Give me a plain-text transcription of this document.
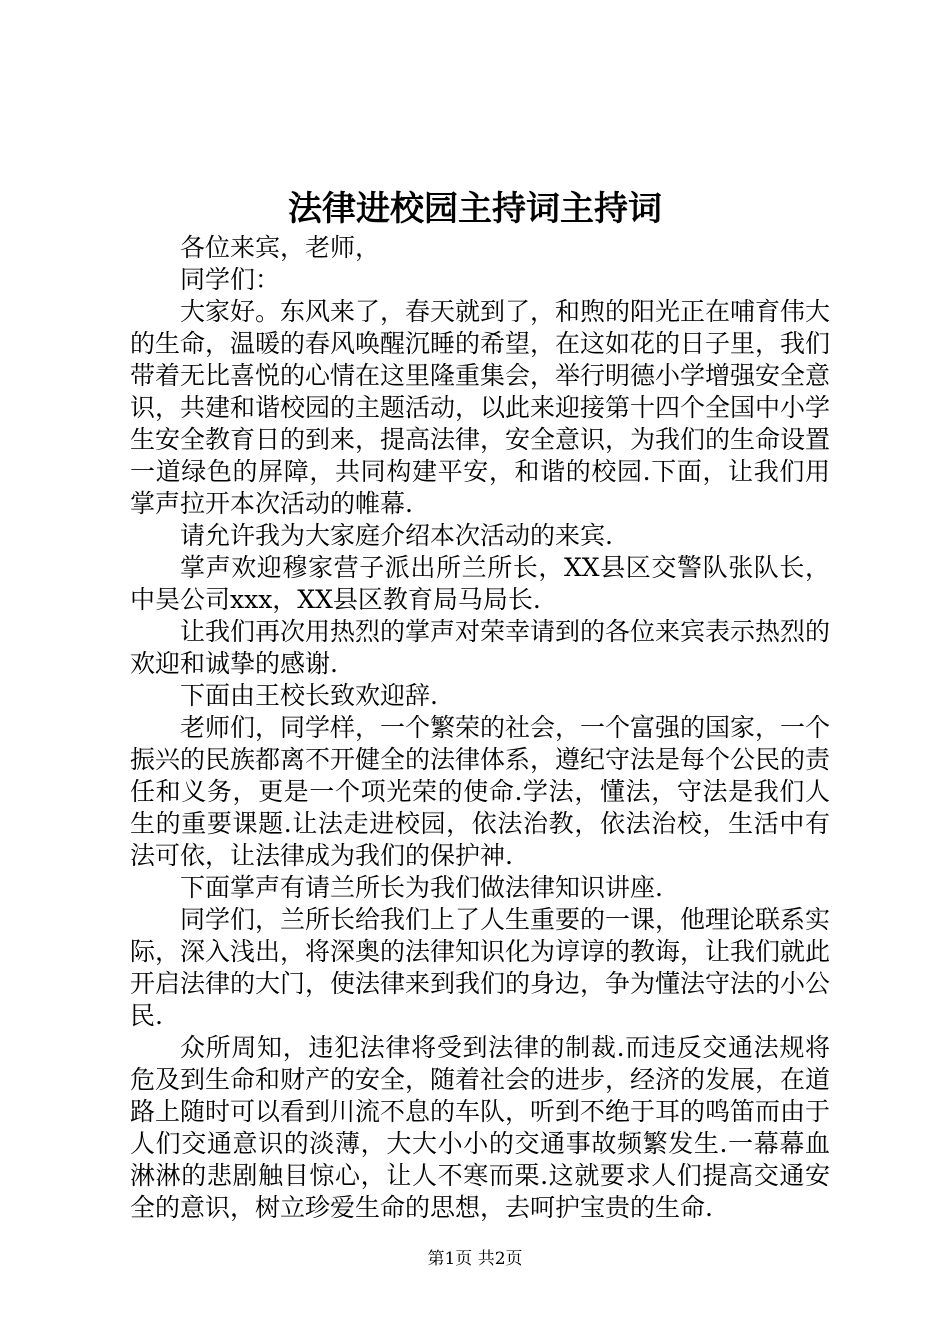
法律进校园主持词主持词

各位来宾，老师，

同学们：

大家好。东风来了，春天就到了，和煦的阳光正在哺育伟大的生命，温暖的春风唤醒沉睡的希望，在这如花的日子里，我们带着无比喜悦的心情在这里隆重集会，举行明德小学增强安全意识，共建和谐校园的主题活动，以此来迎接第十四个全国中小学生安全教育日的到来，提高法律，安全意识，为我们的生命设置一道绿色的屏障，共同构建平安，和谐的校园.下面，让我们用掌声拉开本次活动的帷幕.

请允许我为大家庭介绍本次活动的来宾.

掌声欢迎穆家营子派出所兰所长，XX县区交警队张队长，中昊公司xxx，XX县区教育局马局长.

让我们再次用热烈的掌声对荣幸请到的各位来宾表示热烈的欢迎和诚挚的感谢.

下面由王校长致欢迎辞.

老师们，同学样，一个繁荣的社会，一个富强的国家，一个振兴的民族都离不开健全的法律体系，遵纪守法是每个公民的责任和义务，更是一个项光荣的使命.学法，懂法，守法是我们人生的重要课题.让法走进校园，依法治教，依法治校，生活中有法可依，让法律成为我们的保护神.

下面掌声有请兰所长为我们做法律知识讲座.

同学们，兰所长给我们上了人生重要的一课，他理论联系实际，深入浅出，将深奥的法律知识化为谆谆的教诲，让我们就此开启法律的大门，使法律来到我们的身边，争为懂法守法的小公民.

众所周知，违犯法律将受到法律的制裁.而违反交通法规将危及到生命和财产的安全，随着社会的进步，经济的发展，在道路上随时可以看到川流不息的车队，听到不绝于耳的鸣笛而由于人们交通意识的淡薄，大大小小的交通事故频繁发生.一幕幕血淋淋的悲剧触目惊心，让人不寒而栗.这就要求人们提高交通安全的意识，树立珍爱生命的思想，去呵护宝贵的生命.

第1页 共2页
